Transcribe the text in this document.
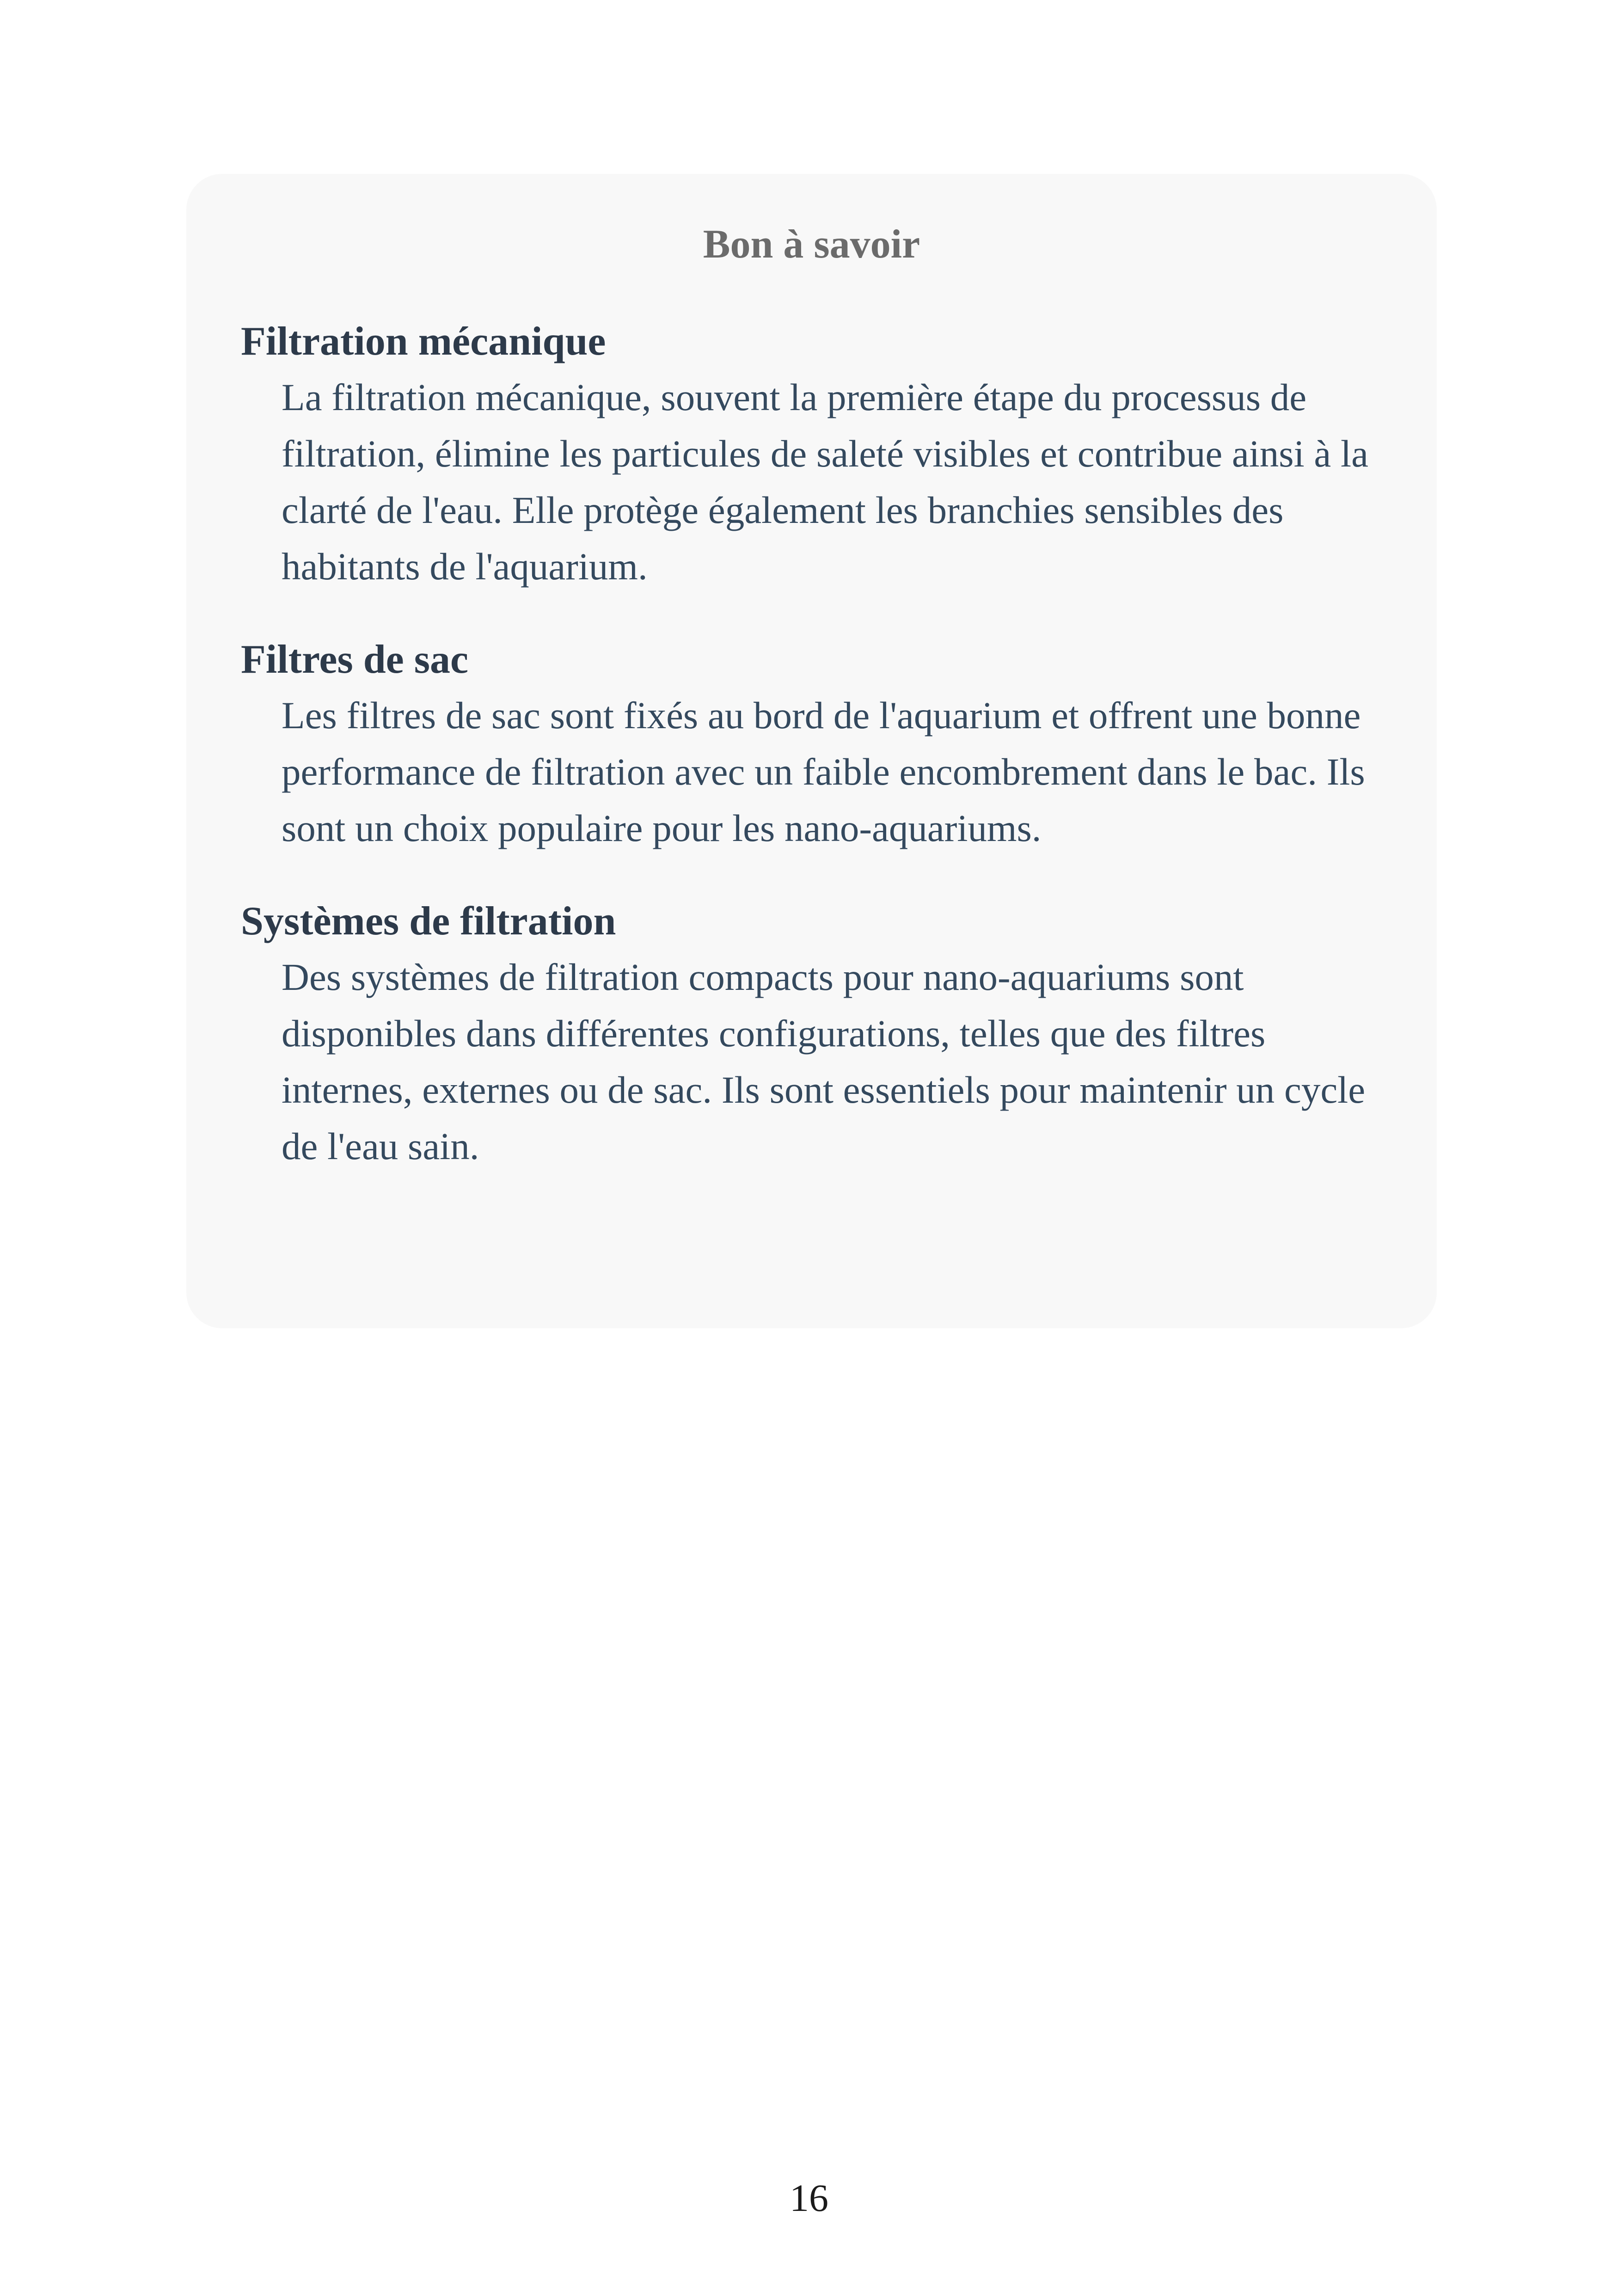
Bon à savoir
Filtration mécanique

La filtration mécanique, souvent la première étape du processus de filtration, élimine les particules de saleté visibles et contribue ainsi à la clarté de l'eau. Elle protège également les branchies sensibles des habitants de l'aquarium.

Filtres de sac

Les filtres de sac sont fixés au bord de l'aquarium et offrent une bonne performance de filtration avec un faible encombrement dans le bac. Ils sont un choix populaire pour les nano-aquariums.

Systèmes de filtration

Des systèmes de filtration compacts pour nano-aquariums sont disponibles dans différentes configurations, telles que des filtres internes, externes ou de sac. Ils sont essentiels pour maintenir un cycle de l'eau sain.

16
